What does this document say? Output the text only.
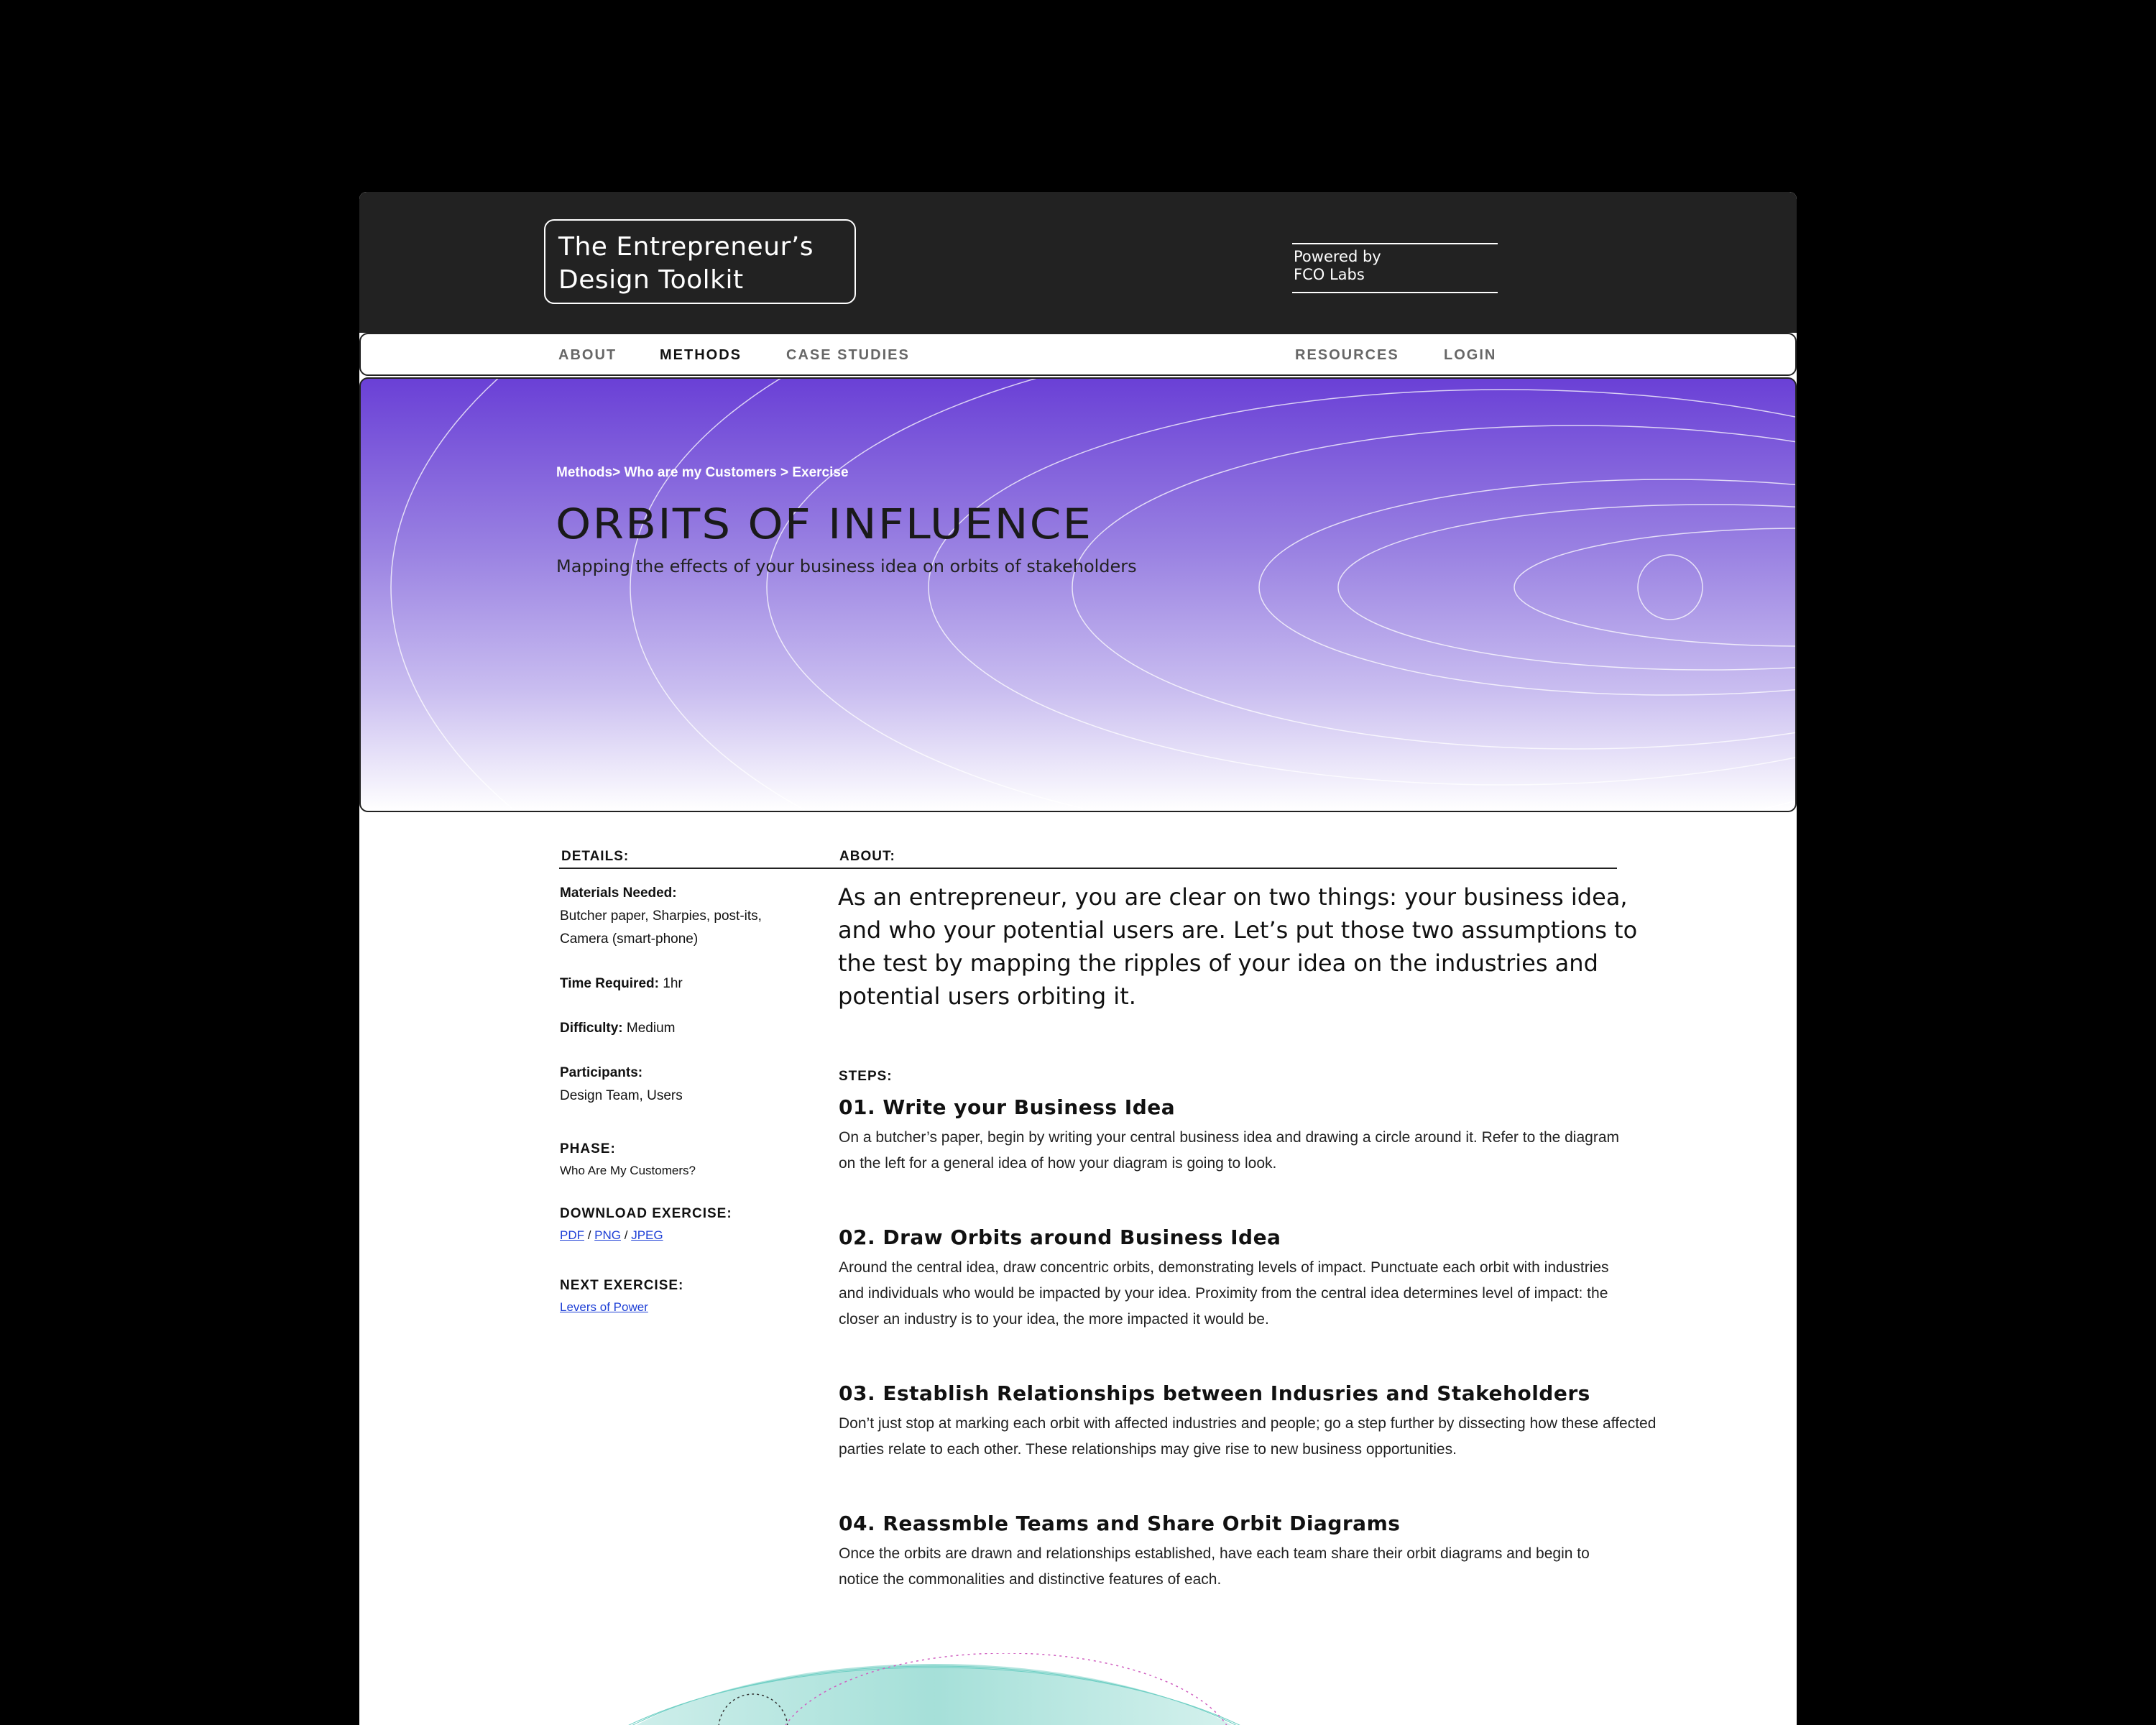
The Entrepreneur’s
Design Toolkit
Powered by
FCO Labs
ABOUT	METHODS	CASE STUDIES	RESOURCES	LOGIN
Methods> Who are my Customers > Exercise
ORBITS OF INFLUENCE
Mapping the effects of your business idea on orbits of stakeholders
DETAILS:	ABOUT:
Materials Needed:
Butcher paper, Sharpies, post-its,
Camera (smart-phone)
Time Required: 1hr
Difficulty: Medium
Participants:
Design Team, Users
PHASE:
Who Are My Customers?
DOWNLOAD EXERCISE:
PDF / PNG / JPEG
NEXT EXERCISE:
Levers of Power
As an entrepreneur, you are clear on two things: your business idea, and who your potential users are. Let’s put those two assumptions to the test by mapping the ripples of your idea on the industries and potential users orbiting it.
STEPS:
01. Write your Business Idea

On a butcher’s paper, begin by writing your central business idea and drawing a circle around it. Refer to the diagram on the left for a general idea of how your diagram is going to look.

02. Draw Orbits around Business Idea

Around the central idea, draw concentric orbits, demonstrating levels of impact. Punctuate each orbit with industries and individuals who would be impacted by your idea. Proximity from the central idea determines level of impact: the closer an industry is to your idea, the more impacted it would be.

03. Establish Relationships between Indusries and Stakeholders

Don’t just stop at marking each orbit with affected industries and people; go a step further by dissecting how these affected parties relate to each other. These relationships may give rise to new business opportunities.

04. Reassmble Teams and Share Orbit Diagrams

Once the orbits are drawn and relationships established, have each team share their orbit diagrams and begin to notice the commonalities and distinctive features of each.
